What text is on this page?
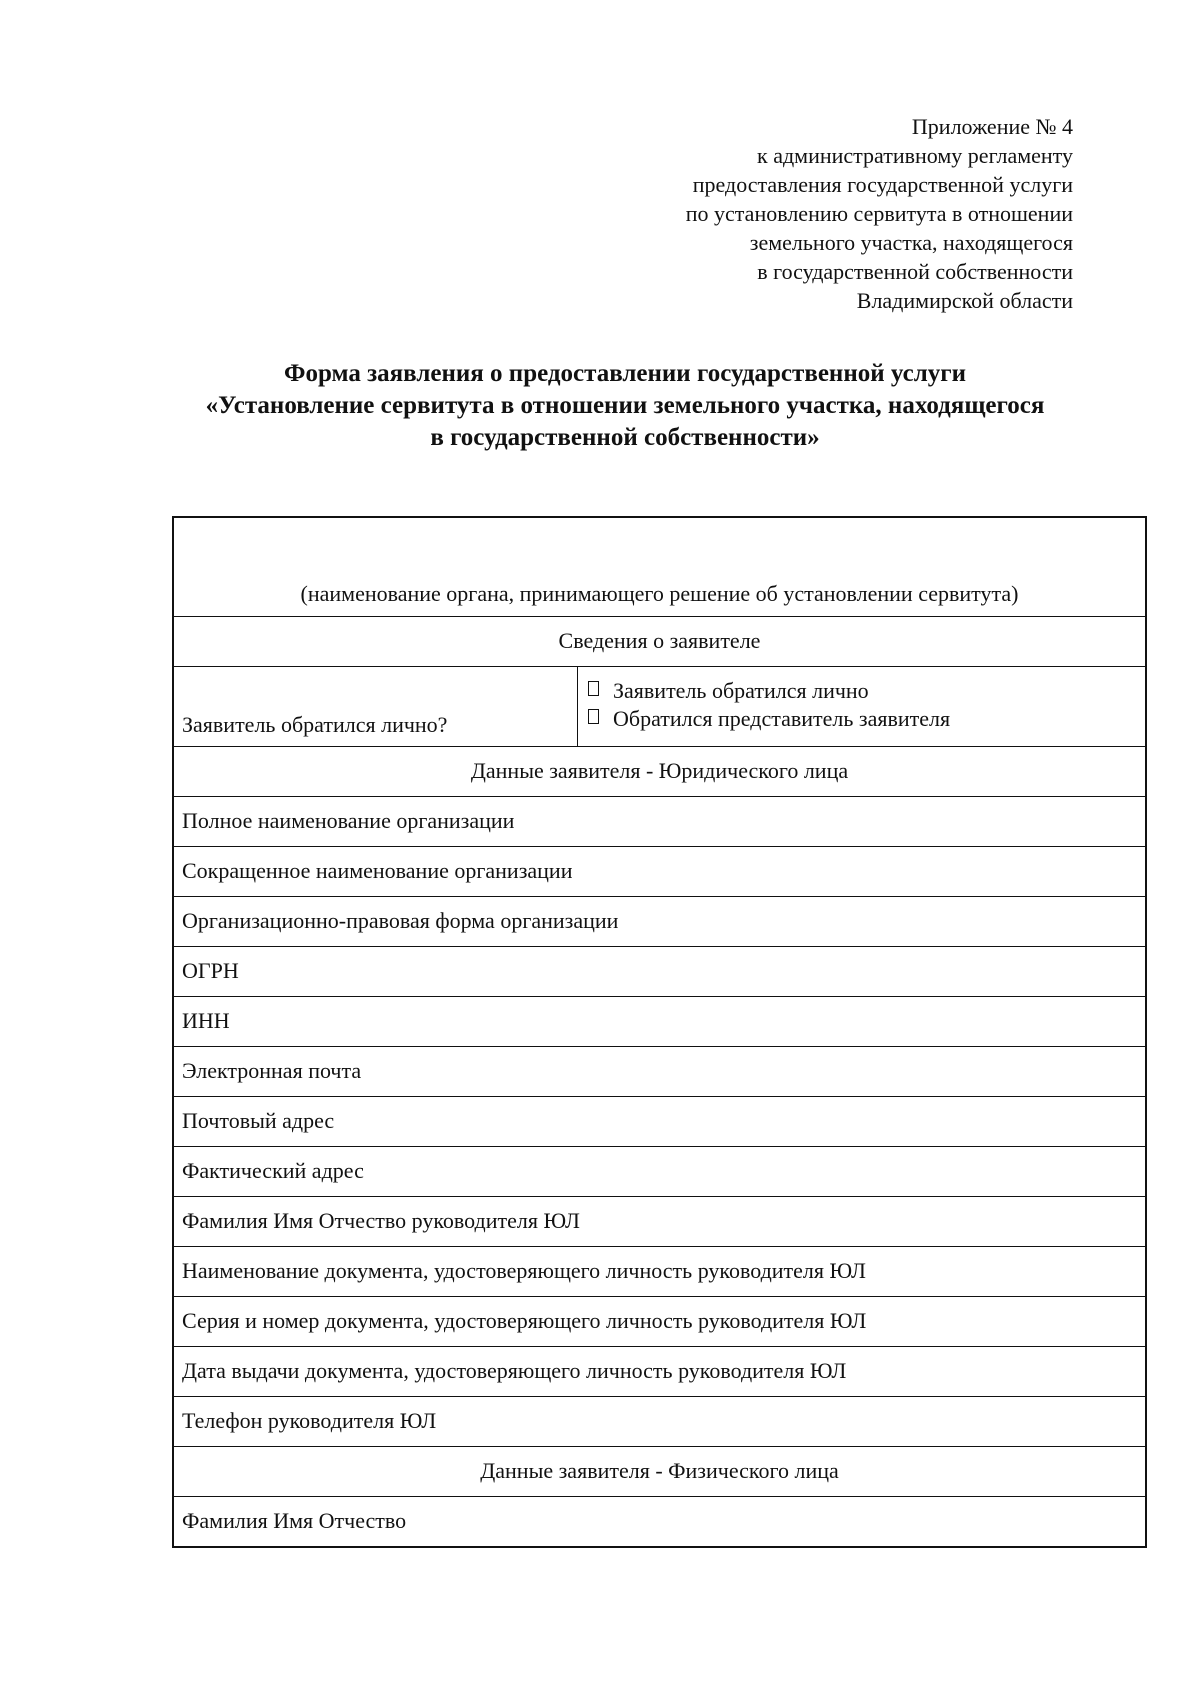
Приложение № 4
к административному регламенту
предоставления государственной услуги
по установлению сервитута в отношении
земельного участка, находящегося
в государственной собственности
Владимирской области
Форма заявления о предоставлении государственной услуги
«Установление сервитута в отношении земельного участка, находящегося
в государственной собственности»
(наименование органа, принимающего решение об установлении сервитута)
Сведения о заявителе
Заявитель обратился лично?
Заявитель обратился лично
Обратился представитель заявителя
Данные заявителя - Юридического лица
Полное наименование организации
Сокращенное наименование организации
Организационно-правовая форма организации
ОГРН
ИНН
Электронная почта
Почтовый адрес
Фактический адрес
Фамилия Имя Отчество руководителя ЮЛ
Наименование документа, удостоверяющего личность руководителя ЮЛ
Серия и номер документа, удостоверяющего личность руководителя ЮЛ
Дата выдачи документа, удостоверяющего личность руководителя ЮЛ
Телефон руководителя ЮЛ
Данные заявителя - Физического лица
Фамилия Имя Отчество
